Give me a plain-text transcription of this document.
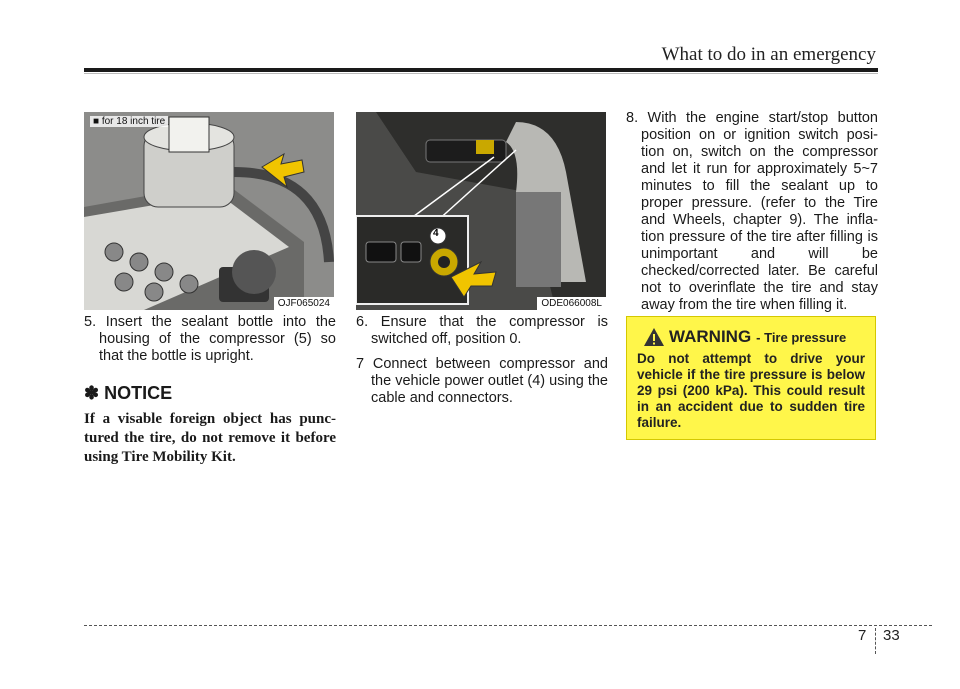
What to do in an emergency
■ for 18 inch tire
OJF065024
4
ODE066008L

5. Insert the sealant bottle into the housing of the compressor (5) so that the bottle is upright.

✽ NOTICE
If a visable foreign object has punc-tured the tire, do not remove it before using Tire Mobility Kit.

6. Ensure that the compressor is switched off, position 0.

7 Connect between compressor and the vehicle power outlet (4) using the cable and connectors.

8. With the engine start/stop button position on or ignition switch posi-tion on, switch on the compressor and let it run for approximately 5~7 minutes to fill the sealant up to proper pressure. (refer to the Tire and Wheels, chapter 9). The infla-tion pressure of the tire after filling is unimportant and will be checked/corrected later. Be careful not to overinflate the tire and stay away from the tire when filling it.

WARNING - Tire pressure
Do not attempt to drive your vehicle if the tire pressure is below 29 psi (200 kPa). This could result in an accident due to sudden tire failure.
7 33
